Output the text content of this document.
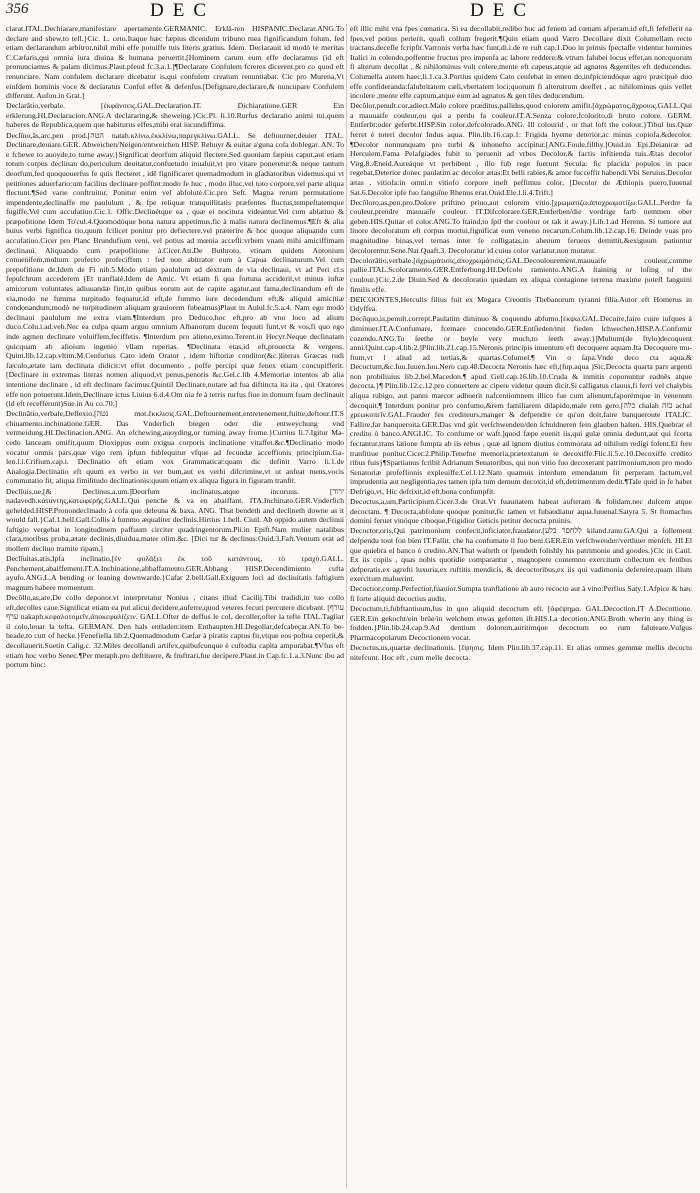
356	DEC	DEC

clarat.ITAL.Dechiarare,manifestare apertamente.GERMANIC. Erklä-ren HISPANIC.Declarar.ANG.To declare and shew,to tell.}Cic. L. ceto.Itaque hæc fæpius dicendum tribuno mea fignificandum folum, fed etiam declarandum arbitror,nihil mihi effe potuiffe tuis literis gratius. Idem. Declarauit id modò te meritas C.Cæfaris,qui omnia iura diuina & humana peruertit.[Hominem carum eum effe declaramus (id eft pronunciamus & palam dicimus.Plaut.pfeud fc.3.a.1.]¶Declarare Confulem fcreres dicerent.pro co quod eft renunciare. Nam confulem declarare dicebatur is,qui confulem creatum renuntiabat. Cic pro Murena,Vt eiufdem hominis voce & declaratus Conful effet & defenfus.[Defignare,declarare,& nuncupare Confulem differunt. Aufon.in Grat.]

Declarātio,verbale. [ἐκφάνσεις.GAL.Declaration.IT. Dichiaratione.GER Ein erklerung.HI.Declaracion.ANG.A declararing,& sheweing.}Cic.Pl. li.10.Rurfus declaratio animi tui,quem haberes de Republica,quem que habiturus effes,mihi erat iucundiffima.

Declīno,ās,arc,pen prod.[הטה natah.κλίνω,ἐκκλίνω,παρεγκλίνω.GALL. Se deftourner,deuier ITAL. Declinare,deuiare.GER. Abweichen/Neigen/entweichen HISP. Rehuyr & euitar a'guna cofa doblegar. AN. To e fchewe to auoyde,to turne away.}Significat deorfum aliquid flectere.Sed quoniam fæpius caput,aut etiam totum corpus declinan do,periculum deuitatur,confuetudo inualuit,vt pro vitare poneretur:& neque tantum deorfum,fed quoquouerfus fe quis flecteret , idē fignificaret quemadmodum in gladiatoribus videmus.qui vt petitiones aduerfario:um facilius declinare poffint:modo fe huc , modo illuc,vel toto corpore,vel parte aliqua flectunt.¶Sed varie conftruitur. Ponitur enim vel abfolutè.Cic.pro Seft. Magna rerum permutatione impendente,declinaffe me paululum , & fpe reliquæ tranquillitatis præfentes fluctus,tempeftatemque fugiffe.Vel cum accufatiuo.Cic.1. Offic.Declinétque ea , quæ ei nocitura videantur.Vel cum ablatiuo & præpofitione Idem To'cul.4.Quomodóque bona natura appetimus,fic à malis natura declinemus.¶Eft & alia huius verbi fignifica tio,quum fcilicet ponitur pro defiectere,vel præterire & hoc quoque aliquando cum accufatiuo.Cicer pro Planc Brundufium veni, vel potius ad mœnia accefli:vrbem vnam mihi amiciffimam declinaui. Aliquando cum præpofitione à.Cicer.Att.De Buthroto, vtinam quidem Antonium conuenifem,multum profecto profeciffem : fed non abitrator eum à Capua declinaturum.Vel cum prepofitione de.Idem de Fi nib.5.Modo etiam paululum ad dextram de via declinaui, vt ad Peri cl.s fepulchrum accederem (Et tranflatè.Idem de Amic. Vt etiam fi qua fortuna acciderit,vt minus iuftæ amicorum voluntates adiuuandæ fint,in quibus eorum aut de capite agatur,aut fama,declinandum eft de via,modo ne fumma turpitudo fequatur,id eft,de fummo iure decedendum eft,& aliquid amicitiæ condonandum,modò ne turpitudinem aliquam grauiorem fubeamus)Plaut in Aulul.fc.5.a.4. Nam ego modò declinaui paululum me extra viam.¶Interdum pro Deduco,hoc eft,pro ab vno loco ad alium duco.Colu.i.ad.veb.Nec ea culpa quam arguo omnium Albanorum ducem fequuti funt,vt & vos,fi quo ego inde agmen declinare voluiffem,feciffetis. ¶Interdum pro alieno,eximo.Terent.in Hecyr.Neque declinatam quicquam ab alioium ingenio vllam reperias. ¶Declinata etas,id eft,prouecta & vergens. Quint.lib.12.cap.vltim.M.Cenforius Cato idem Orator , idem hiftoriæ conditor(&c.)literas Græcas rudi fæculo,ætate iam declinata didicit:vt effet documento , poffe percipi quæ fenex etiam concupifferit.[Declinare in extremas literas nomen aliquod,vt penus,penoris &c.Gel.c.lib 4.Memoriæ intentos ab alia intentione declinare , id eft declinare facimus.Quintil Declinare,nutare ad fua diftincta ita ita , qui Oratores effe non potuerunt.Idem,Declinare ictus Liuius 6.d.4.Om nia fe à terris rurfus fiue in domum fuam declinauit (id eft recefferunt)Sue.in Au co.70.]

Declinātio,verbale,Deflexio.[נטה mot.ἔκκλισις.GAL.Deftournement,entretenement,fuitte,deftour.IT.S chiuamento.inchinatione.GER. Das Vnderfich biegen oder die entweychung vnd vermeidung.HI.Declinacion.ANG. An efchewing,auoyding,or turning away frome.}Curtius li.7.Igitur Macedo lanceam omifit,quum Dioxippus eum exigua corporis inclinatione vitaffet.&c.¶Declinatio modo vocatur omnis pars,quæ vigo rem ipfum fubfequitur vfque ad fecundæ acceffionis principium.Galen.l.i.Crifium.cap.i. Declinatio eft etiam vox Grammaticæ:quam dic definit Varro li.1.de Analogia.Declinatio eft quum ex verbo in ver bum,aut ex verbi difcrimine,vt ut anfeat mens,vocis commutatio fit, aliqua fimilitudo declinationis:quum etiam ex aliqua figura in figuram tranfit.

Declīuis,ue,[& Declinus,a,um.]Deorfum inclinatus,atque incuruus. [ירוד nadavedh.κάταντης,κατωφερής.GALL.Qui penche & va en abaiffant. ITA.Inchinato.GER.Vnderfich gehelded.HISP.Pronondeclinado à cofa que deleuna & baxa. ANG. That bendeth and declineth downe as it would fall.}Caf.1.bell.Gall.Collis à fummo æqualiter declinis.Hirtius 1.bell. Ciuil. Ab oppido autem declinui faftigio vergebat in longitudinem paffuum circiter quadringentorum.Pli.in Epift.Nam mulier natalibus clara,moribus proba,ætate declinis,diuidua,mater olim.&c. [Dici tur & declinus:Ouid.3.Faft.Ventum erat ad mollem decliuo tramite ripam.]

Declīuitas,atis,Ipfa inclinatio.[ἐν φυλάξει ἐκ τοῦ κατάντους, τὸ τραχύ.GALL. Penchement,abaiffement.IT.A.Inchinatione,abbaffamento.GER.Abhang HISP.Decendimiento cufta ayufo.ANG.L.A bending or leaning downwarde.}Cafar 2.bell.Gall.Exiguum loci ad decliuitatis faftigium magnum habere momentum.

Decōllo,as,are,De collo deponor.vt interpretatur Nonius , citans illud Cacilij.Tibi tradidi,in tuo collo eft,decolles caue.Significat etiam ea put alicui decidere,auferre,quod veteres fecuri percutere dicebant. [עורף ערף nakaph.κεφαλοτομεῖν,ἀποκεφαλίζειν. GALL.Ofter de deffus le col, decoller,ofter la tefte ITAL.Tagliar il colo,leuar la tefta. GERMAN. Den hals entladen:item Enthaupten.HI.Degollar,defcabeçar.AN.To beheade,to cutt of hecke.}Fenefiella lib.2.Quemadmodum Cæfar à piratis captus fit,vtque eos poftea ceperit,& decollauerit.Suetin Calig.c. 32.Miles decollandi artifex,quibufcunque è cuftodia capita ampurabat.¶Vfus eft etiam hoc verbo Senec.¶Per metaph.pro deftituere, & fruftrari,fue decipere.Plaut.in Cap.fc.1.a.3.Nunc ibo ad portum hinc:

eft illic mihi vna fpes cœnatica. Si ea decollabit,redibo huc ad fenem ad cœnam afperam.id eft,fi fefellerit ea fpes,vel potius perierit, quafi collum fregerit.¶Quin etiam quod Varro Decollare dixit Columellam recte tractans,decefle fcripfit.Varronis verba hæc funt,di.i.de re ruft cap.1.Duo in primis fpectaffe videntur homines Italici in colendo,poffentne fructus pro impenfa ac labore reddere:& vtrum falubei locus effet,an non:quorum fi alterum decollat , & nihilominus vult colere,mente eft capeus,atque ad agnatos &gentiles eft deducendus. Columella autem haec,li.1.ca.3.Portius quidem Cato cenfebat in emen do,infpiciendóque agro præcipuè duo effe confideranda:falubritatem cæli,vbertatem loci;quorum fi alterutrum deeffet , ac nihilominus quis vellet incolere ,mente effe captum,atque eum ad agnatos & gen tiles deducendum.

Decŏlor,penult.cor,adiect.Malo colore præditus,pallidus,quod colorem amifit.[ἀχρώματος,ἄχροιος.GALL.Qui a mauuaife couleur,ou qui a perdu fa couleur.IT.A.Senza colore,fcolorito,di bruto colore. GERM. Entferbt:oder geferbt.HISP.Sin color,defcolorado.ANG. Ill colourid , or that loft the colour.}Tibul lus.Quæ ferret è toteri decolor Indus aqua. Plin.lib.16.cap.1: Frigida hyeme deterior,ac minus copiofa.&decolor. ¶Decolor nonnunquam pro turbi & inhonefto accipitur.[ANG.Foule,filthy.]Ouid.in Epi.Deianiræ ad Herculem.Fama Pelafgiades fubit to peruenit ad vrbes Decolor,& factis infitienda tuis.Ætas decolor Virg.8.Æneid.Aureáque vt perhibent , illo fub rege fuerunt Secula: fic placida populos in pace regebat,Deterior donec paulatim ac decolor ætas:Et belli rabies,& amor fucceffit habendi.Vbi Seruius,Decolor ætas , vitiofa:in omni.n vitiofo corpore ineft peffimus color, [Decolor de Æthiopis puero.Iuuenal Sat.6.Decolor ipfe fuo fanguīne Rhenus erat.Ouid.Ele.l.li.4.Trift.]

Decōloro,as,pen.pro.Dolore priftino priuo,aut colorem vitio.[χρωματιζω,ἀποχρωματίζω.GALL.Perdre fa couleur,prendre mauuaife couleur. IT.Difcolorare.GER.Entferben/die vordrige farb nemmen ober geben.HIS.Quitar el color.ANG.To ſtaind,to ſpil the coolour or tak it away.}Lib.1.ad Herenn. Si tumore aut liuore decoloratum eft corpus mortui,fignificat eum veneno necarum.Colum.lib.12.cap.16. Deinde vuas pro magnitudine binas,vel ternas inter fe colligatas,in ahenum ferueus demittit,&exiguum patiuntur decolorentur.Sene.Nat.Quaft.3. Decoloratur id cuius color variatur,non mutatur.

Decolorātio,verbale.[ἀχρωμάτισις,ἀποχρωμάτισις.GAL.Decoulourement.mauuaife couleur,comme pallie.ITAL.Scoloramento.GER.Entferbung.HI.Defcolo ramiento.ANG.A ſtaining or loſing of the coulour.}Cic.2.de Diuin.Sed & decoloratio quædam ex aliqua contagione terrena maxime potefl fanguini fimilis effe.

DEICOONTES,Herculis filius fuit ex Megara Creontis Thebanorum tyranni filia.Autor eft Homerus in Odyffea.

Decōquo,is,penult.corrept.Paulatim diminuo & coquendo abfumo.[ἐκψω.GAL.Decuire,faire cuire iufques à diminuer.IT.A.Confumare, fcemare cuocendo.GER.Entſieden/mit fieden ſchwechen.HISP.A.Confumir cozendo.ANG.To ſeethe or boyle very much,to ſeeth away.}]Multum(de ftylo)decoquent anni.Quint.cap.4.lib.2.]Plin.lib.21.cap.15.Neronis principis inuentum eft decoquere aquam.Ita Decoquere muftum,vt l aliud ad tertias,& quartas.Columel.¶ Vin o ſapa.Vnde deco cta aqua,& Decoctum,&c.Iuu.Iuuen.Iuu.Nero cap.48.Decocta Neronis hæc eft.(fup.aqua )Sic,Decocta quarta pars argenti non probiliuius lib.2.bel.Macedon.¶ apud Gell.cap.16.lib.10.Cruda & inmitis coponuntur eadnēs atque decocta.}¶ Plin.lib.12.c.12.pro conuertere ac cipere videtur quum dicit.Si calligatus clauus,fi ferri vel chalybis aliqua rubigo, aut panni marcor adhuerit nafcentiomnem illico fue cum alienum,faporémque in venenum decoquit.¶ Interdum ponitur pro confumo,&rem familiarem dilapido,male rem gero.[כלה chalah בזה achal χρεωκοπεῖν.GAL.Frauder fes crediteurs,manger & defpendre ce qu'on doit,faire banqueroute ITALIC. Fallire,far banqueroita.GER.Das vnd gůt verſchwenden/den ſchuldneren fein glauben halten. HIS.Quebrar el credito ò banco.ANGLIC. To confume or waft.]quod fæpe euenit iis,qui gulæ omnia dedunt,aut qui fcorta fectantur,trans latione fumpta ab iis rebus , quæ ad ignem diutius commorata ad nihilum redigi folent.Et fere tranfitiue ponitur.Cicer.2.Philip.Tenefne memoria,prætextatum te decoxiffe.Flic.li.5.c.10.Decoxiffe credito ribus fuis}¶Spartianus fcribit Adrianum Senatoribus, qui non vitio fuo decoxerant patrimonium,non pro modo Senatoriæ profeflionis expleuiffe.Cel.l.12.Nam quamuis interdum emendatum fit perperam factum,vel imprudentia aut negligentia,res tamen ipfa tum demum decoxit,id eft,detrimentum dedit.¶Tale quid in fe habet Defrigo,vt, Hic defrixit,id eft,bona confumpfit.

Decoctus,a,um,Participium.Cicer.3.de Orat.Vt fuauitatem habeat aufteram & folidam,nec dulcem atque decoctam. ¶ Decocta,abfolute quoque ponitur,fic tamen vt fubaudiatur aqua.Iuuenal.Satyra 5. St ftomachus domini feruet vinóque ciboque,Frigidior Geticis petitur decocta pruinis.

Decoctor,oris,Qui patrimonium confecit,inficiator,fraudator.[ללחסר בלע kiland.ranu.GA.Qui a follement defpendu tout fon bien IT.Fallit. che ha confumato il fuo beni.GER.Ein verſchwender/verthuer menſch. HI.El que quiebra el banco ò credito.AN.That waſteth or ſpendeth folishly his patrimonie and goodes.}Cic in Catil. Ex iis copiis , quas nobis quotidie comparantur , magnopere contemno exercitum collectum ex fenibus defperatis,ex agrefti luxuria,ex ruftitis mendicis, & decoctoribus,ex iis qui vadimonia defereire,quam illum exercitum maluerint.

Decoctior,comp.Perfectior,fuauior.Sumpta tranflatione ab auro recocto aut à vino:Perfius Saty.1.Afpice & hæc fi forte aliquid decoctius audis.

Decoctum,ti,fubftantiuum,Ius in quo aliquid decoctum eft. [ἀφέψημα. GAL.Decoction.IT A.Decottione. GER.Ein gekocht/ein brüe/in welchem etwas gefotten ift.HIS.La decotion.ANG.Broth wherin any thing is fodden.}Plin.lib.24.cap.9.Ad dentium dolorem,auritimque decoctum eo rum faluteare.Vulgus Pharmacopolarum Decoctionem vocat.

Decoctus,us,quartæ declinationis. [ἕψησις. Idem Plin.lib.37.cap.11. Et alias omnes gemmæ mellis decoctu nitefcunt. Hoc eft , cum melle decocta.
